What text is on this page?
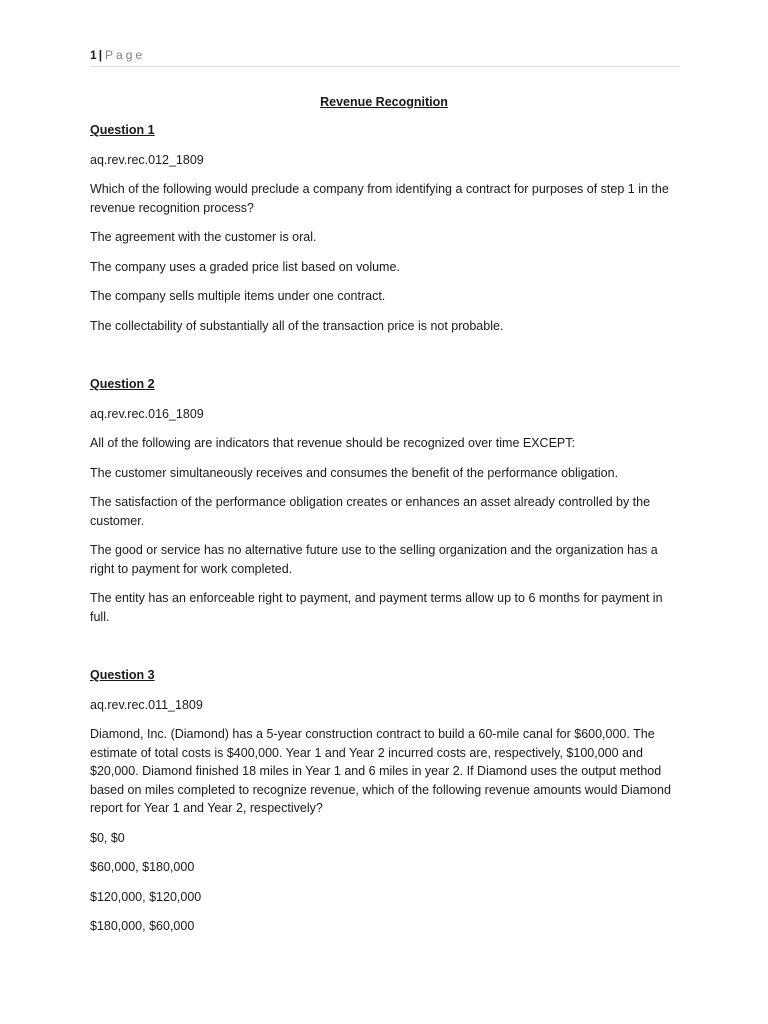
1 | Page
Revenue Recognition
Question 1
aq.rev.rec.012_1809
Which of the following would preclude a company from identifying a contract for purposes of step 1 in the revenue recognition process?
The agreement with the customer is oral.
The company uses a graded price list based on volume.
The company sells multiple items under one contract.
The collectability of substantially all of the transaction price is not probable.
Question 2
aq.rev.rec.016_1809
All of the following are indicators that revenue should be recognized over time EXCEPT:
The customer simultaneously receives and consumes the benefit of the performance obligation.
The satisfaction of the performance obligation creates or enhances an asset already controlled by the customer.
The good or service has no alternative future use to the selling organization and the organization has a right to payment for work completed.
The entity has an enforceable right to payment, and payment terms allow up to 6 months for payment in full.
Question 3
aq.rev.rec.011_1809
Diamond, Inc. (Diamond) has a 5-year construction contract to build a 60-mile canal for $600,000. The estimate of total costs is $400,000. Year 1 and Year 2 incurred costs are, respectively, $100,000 and $20,000. Diamond finished 18 miles in Year 1 and 6 miles in year 2. If Diamond uses the output method based on miles completed to recognize revenue, which of the following revenue amounts would Diamond report for Year 1 and Year 2, respectively?
$0, $0
$60,000, $180,000
$120,000, $120,000
$180,000, $60,000
